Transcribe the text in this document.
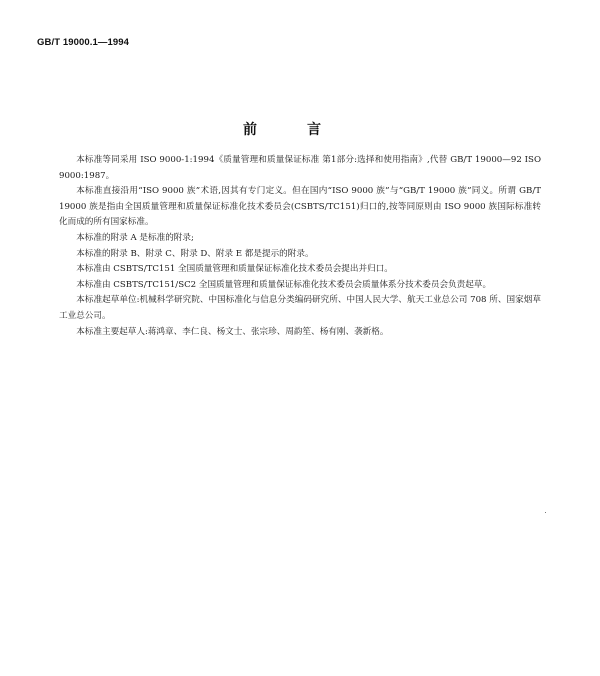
GB/T 19000.1—1994
前	言

本标准等同采用 ISO 9000-1:1994《质量管理和质量保证标准 第1部分:选择和使用指南》,代替 GB/T 19000—92 ISO 9000:1987。

本标准直接沿用“ISO 9000 族”术语,因其有专门定义。但在国内“ISO 9000 族”与“GB/T 19000 族”同义。所谓 GB/T 19000 族是指由全国质量管理和质量保证标准化技术委员会(CSBTS/TC151)归口的,按等同原则由 ISO 9000 族国际标准转化而成的所有国家标准。

本标准的附录 A 是标准的附录;

本标准的附录 B、附录 C、附录 D、附录 E 都是提示的附录。

本标准由 CSBTS/TC151 全国质量管理和质量保证标准化技术委员会提出并归口。

本标准由 CSBTS/TC151/SC2 全国质量管理和质量保证标准化技术委员会质量体系分技术委员会负责起草。

本标准起草单位:机械科学研究院、中国标准化与信息分类编码研究所、中国人民大学、航天工业总公司 708 所、国家烟草工业总公司。

本标准主要起草人:蒋鸿章、李仁良、杨文士、张宗珍、周韵笙、杨有刚、袭新格。
